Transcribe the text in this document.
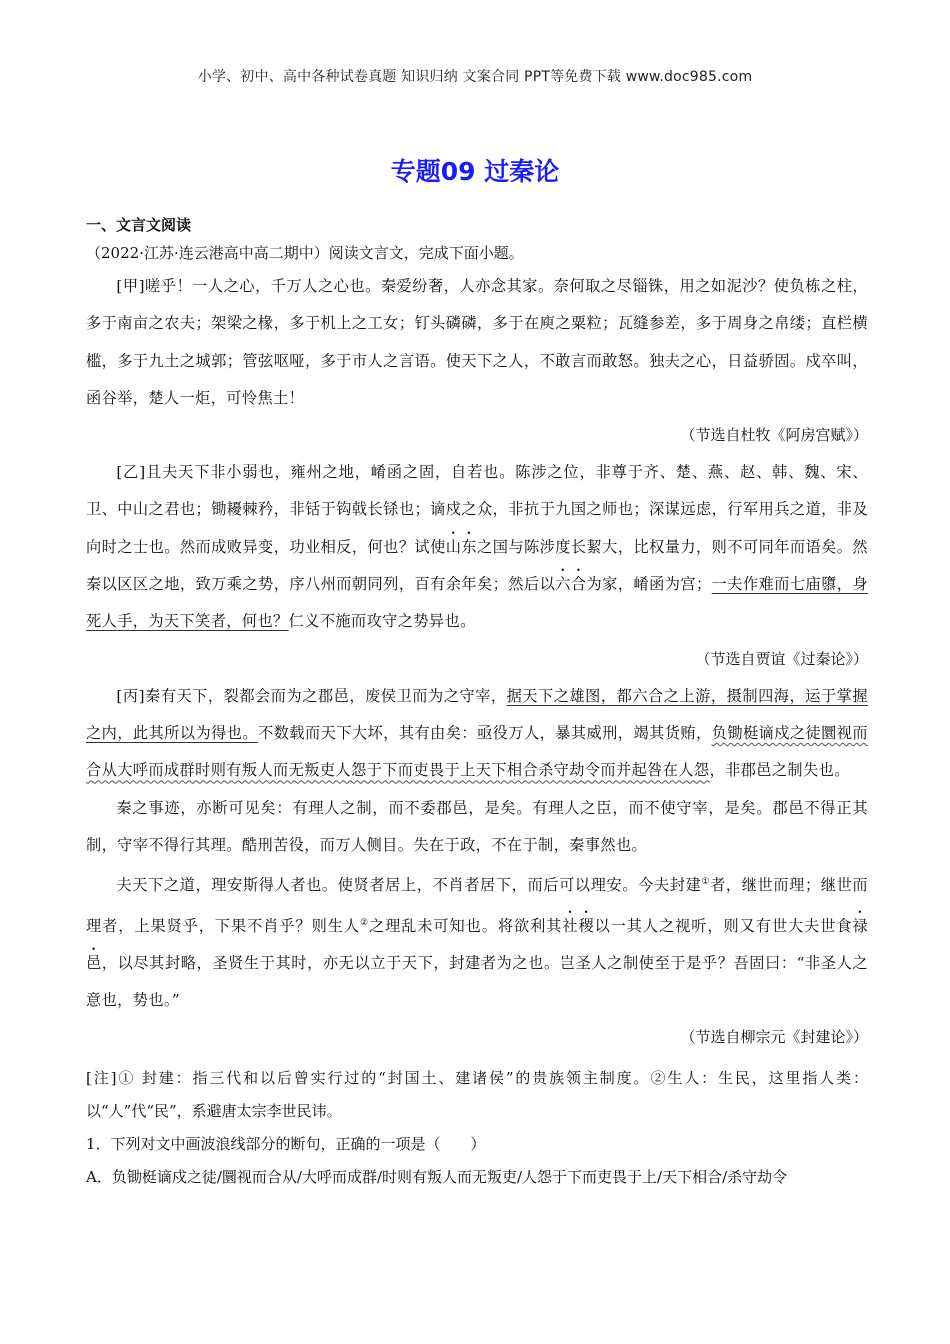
小学、初中、高中各种试卷真题 知识归纳 文案合同 PPT等免费下载 www.doc985.com
专题09 过秦论
一、文言文阅读
（2022·江苏·连云港高中高二期中）阅读文言文，完成下面小题。

[甲]嗟乎！一人之心，千万人之心也。秦爱纷奢，人亦念其家。奈何取之尽锱铢，用之如泥沙？使负栋之柱，多于南亩之农夫；架梁之椽，多于机上之工女；钉头磷磷，多于在庾之粟粒；瓦缝参差，多于周身之帛缕；直栏横槛，多于九土之城郭；管弦呕哑，多于市人之言语。使天下之人，不敢言而敢怒。独夫之心，日益骄固。戍卒叫，函谷举，楚人一炬，可怜焦土！

（节选自杜牧《阿房宫赋》）

[乙]且夫天下非小弱也，雍州之地，崤函之固，自若也。陈涉之位，非尊于齐、楚、燕、赵、韩、魏、宋、卫、中山之君也；锄耰棘矜，非铦于钩戟长铩也；谪戍之众，非抗于九国之师也；深谋远虑，行军用兵之道，非及向时之士也。然而成败异变，功业相反，何也？试使山东之国与陈涉度长絜大，比权量力，则不可同年而语矣。然秦以区区之地，致万乘之势，序八州而朝同列，百有余年矣；然后以六合为家，崤函为宫；一夫作难而七庙隳，身死人手，为天下笑者，何也？仁义不施而攻守之势异也。

（节选自贾谊《过秦论》）

[丙]秦有天下，裂都会而为之郡邑，废侯卫而为之守宰，据天下之雄图，都六合之上游，摄制四海，运于掌握之内，此其所以为得也。不数载而天下大坏，其有由矣：亟役万人，暴其威刑，竭其货贿，负锄梃谪戍之徒圜视而合从大呼而成群时则有叛人而无叛吏人怨于下而吏畏于上天下相合杀守劫令而并起咎在人怨，非郡邑之制失也。

秦之事迹，亦断可见矣：有理人之制，而不委郡邑，是矣。有理人之臣，而不使守宰，是矣。郡邑不得正其制，守宰不得行其理。酷刑苦役，而万人侧目。失在于政，不在于制，秦事然也。

夫天下之道，理安斯得人者也。使贤者居上，不肖者居下，而后可以理安。今夫封建①者，继世而理；继世而理者，上果贤乎，下果不肖乎？则生人②之理乱未可知也。将欲利其社稷以一其人之视听，则又有世大夫世食禄邑，以尽其封略，圣贤生于其时，亦无以立于天下，封建者为之也。岂圣人之制使至于是乎？吾固曰：“非圣人之意也，势也。”

（节选自柳宗元《封建论》）

[注]① 封建：指三代和以后曾实行过的“封国土、建诸侯”的贵族领主制度。②生人：生民，这里指人类：以“人”代“民”，系避唐太宗李世民讳。

1．下列对文中画波浪线部分的断句，正确的一项是（　　）

A．负锄梃谪戍之徒/圜视而合从/大呼而成群/时则有叛人而无叛吏/人怨于下而吏畏于上/天下相合/杀守劫令
